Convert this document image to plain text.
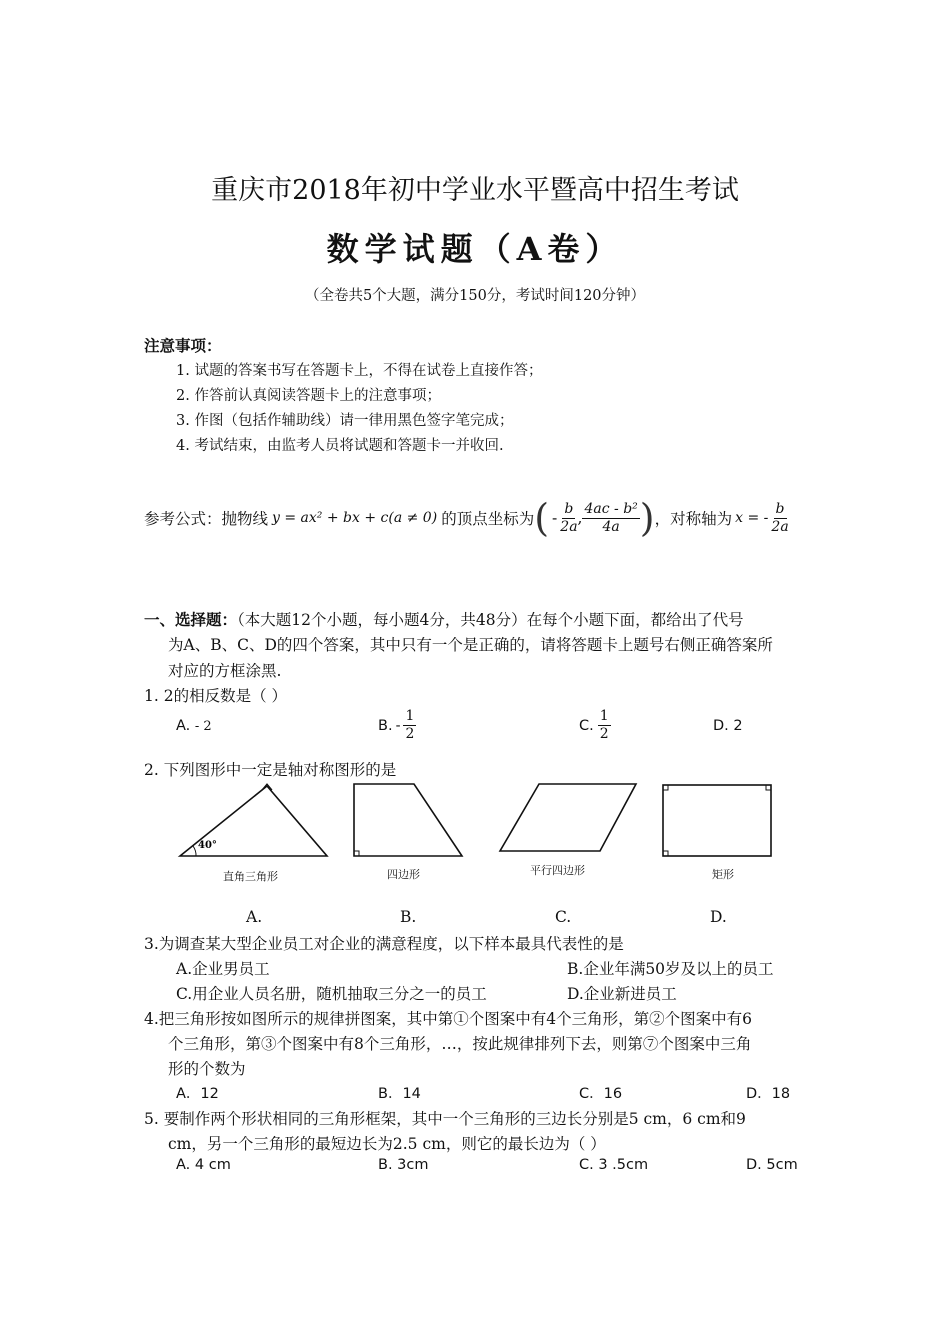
重庆市2018年初中学业水平暨高中招生考试
数学试题（A卷）
（全卷共5个大题，满分150分，考试时间120分钟）
注意事项：
1. 试题的答案书写在答题卡上，不得在试卷上直接作答；
2. 作答前认真阅读答题卡上的注意事项；
3. 作图（包括作辅助线）请一律用黑色签字笔完成；
4. 考试结束，由监考人员将试题和答题卡一并收回.
参考公式：抛物线 y = ax² + bx + c(a ≠ 0) 的顶点坐标为 ( - $\frac{b}{2a}$ , $\frac{\text{4ac - b²}}{4a}$ ) ，对称轴为 x = - $\frac{b}{2a}$
一、选择题：（本大题12个小题，每小题4分，共48分）在每个小题下面，都给出了代号
为A、B、C、D的四个答案，其中只有一个是正确的，请将答题卡上题号右侧正确答案所
对应的方框涂黑.
1. 2的相反数是（ ）
A. - 2	B. - $\frac{1}{2}$	C. $\frac{1}{2}$	D. 2
2. 下列图形中一定是轴对称图形的是
40°
直角三角形	四边形	平行四边形	矩形
A.	B.	C.	D.
3.为调查某大型企业员工对企业的满意程度，以下样本最具代表性的是
A.企业男员工	B.企业年满50岁及以上的员工
C.用企业人员名册，随机抽取三分之一的员工	D.企业新进员工
4.把三角形按如图所示的规律拼图案，其中第①个图案中有4个三角形，第②个图案中有6
个三角形，第③个图案中有8个三角形，…，按此规律排列下去，则第⑦个图案中三角
形的个数为
A．12	B．14	C．16	D．18
5. 要制作两个形状相同的三角形框架，其中一个三角形的三边长分别是5 cm，6 cm和9
cm，另一个三角形的最短边长为2.5 cm，则它的最长边为（ ）
A. 4 cm	B. 3cm	C. 3 .5cm	D. 5cm
